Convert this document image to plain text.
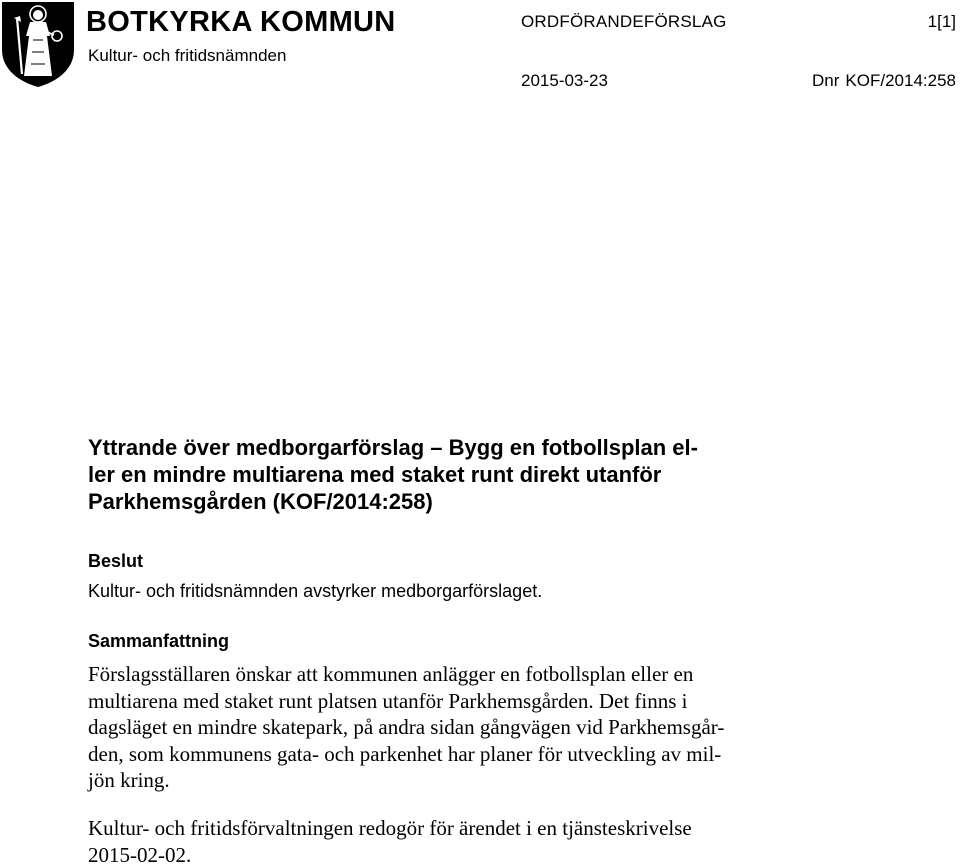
BOTKYRKA KOMMUN
Kultur- och fritidsnämnden
ORDFÖRANDEFÖRSLAG	1[1]
2015-03-23	Dnr KOF/2014:258
Yttrande över medborgarförslag – Bygg en fotbollsplan el-
ler en mindre multiarena med staket runt direkt utanför
Parkhemsgården (KOF/2014:258)
Beslut
Kultur- och fritidsnämnden avstyrker medborgarförslaget.
Sammanfattning
Förslagsställaren önskar att kommunen anlägger en fotbollsplan eller en
multiarena med staket runt platsen utanför Parkhemsgården. Det finns i
dagsläget en mindre skatepark, på andra sidan gångvägen vid Parkhemsgår-
den, som kommunens gata- och parkenhet har planer för utveckling av mil-
jön kring.
Kultur- och fritidsförvaltningen redogör för ärendet i en tjänsteskrivelse
2015-02-02.
